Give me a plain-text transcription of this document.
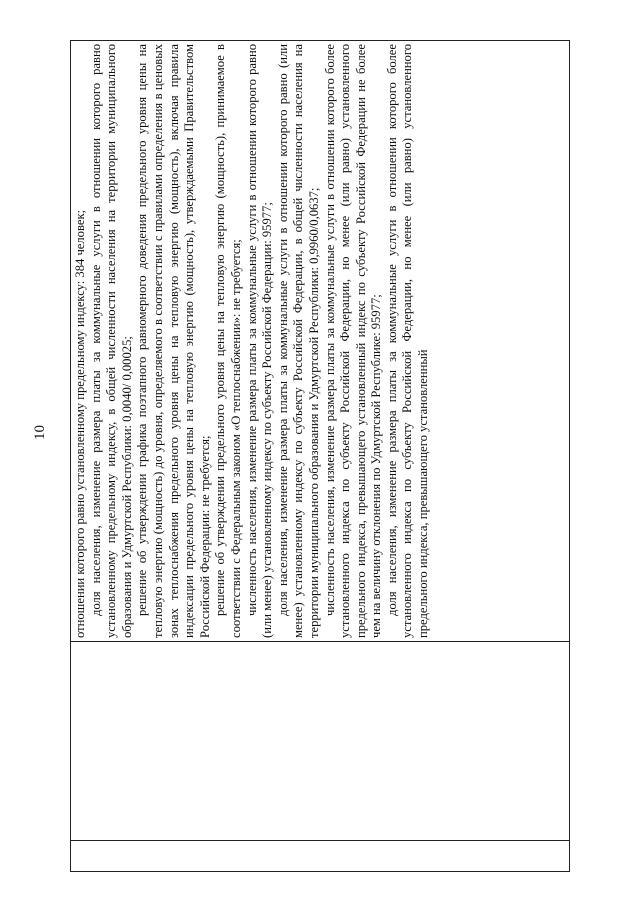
10
		отношении которого равно установленному предельному индексу: 384 человек; доля населения, изменение размера платы за коммунальные услуги в отношении которого равно установленному предельному индексу, в общей численности населения на территории муниципального образования и Удмуртской Республики: 0,0040/ 0,00025; решение об утверждении графика поэтапного равномерного доведения предельного уровня цены на тепловую энергию (мощность) до уровня, определяемого в соответствии с правилами определения в ценовых зонах теплоснабжения предельного уровня цены на тепловую энергию (мощность), включая правила индексации предельного уровня цены на тепловую энергию (мощность), утверждаемыми Правительством Российской Федерации: не требуется; решение об утверждении предельного уровня цены на тепловую энергию (мощность), принимаемое в соответствии с Федеральным законом «О теплоснабжении»: не требуется; численность населения, изменение размера платы за коммунальные услуги в отношении которого равно (или менее) установленному индексу по субъекту Российской Федерации: 95977; доля населения, изменение размера платы за коммунальные услуги в отношении которого равно (или менее) установленному индексу по субъекту Российской Федерации, в общей численности населения на территории муниципального образования и Удмуртской Республики: 0,9960/0,0637; численность населения, изменение размера платы за коммунальные услуги в отношении которого более установленного индекса по субъекту Российской Федерации, но менее (или равно) установленного предельного индекса, превышающего установленный индекс по субъекту Российской Федерации не более чем на величину отклонения по Удмуртской Республике: 95977; доля населения, изменение размера платы за коммунальные услуги в отношении которого более установленного индекса по субъекту Российской Федерации, но менее (или равно) установленного предельного индекса, превышающего установленный
